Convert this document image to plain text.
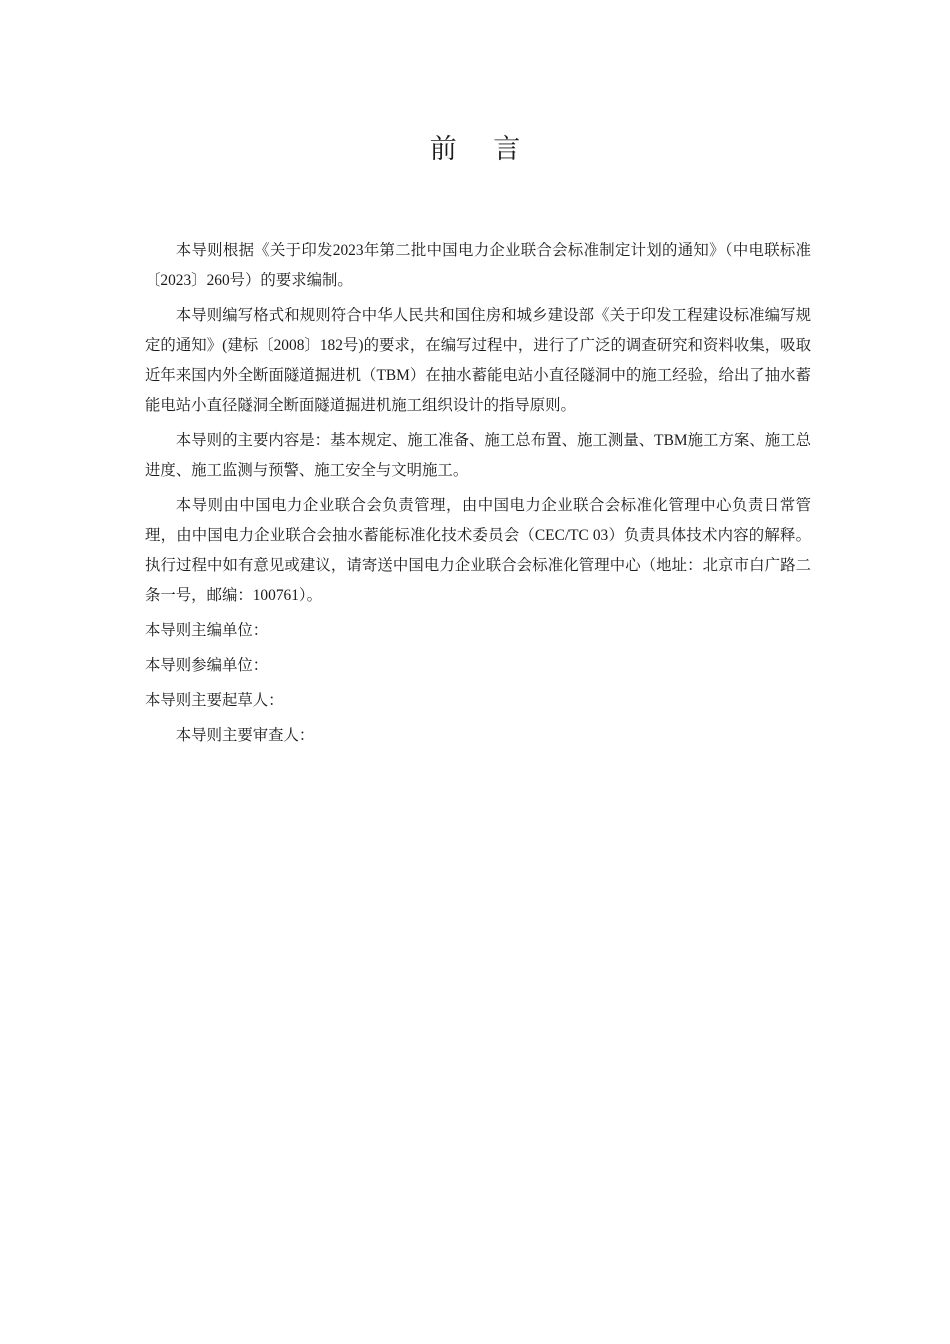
前 言

本导则根据《关于印发2023年第二批中国电力企业联合会标准制定计划的通知》（中电联标准〔2023〕260号）的要求编制。

本导则编写格式和规则符合中华人民共和国住房和城乡建设部《关于印发工程建设标准编写规定的通知》(建标〔2008〕182号)的要求，在编写过程中，进行了广泛的调查研究和资料收集，吸取近年来国内外全断面隧道掘进机（TBM）在抽水蓄能电站小直径隧洞中的施工经验，给出了抽水蓄能电站小直径隧洞全断面隧道掘进机施工组织设计的指导原则。

本导则的主要内容是：基本规定、施工准备、施工总布置、施工测量、TBM施工方案、施工总进度、施工监测与预警、施工安全与文明施工。

本导则由中国电力企业联合会负责管理，由中国电力企业联合会标准化管理中心负责日常管理，由中国电力企业联合会抽水蓄能标准化技术委员会（CEC/TC 03）负责具体技术内容的解释。执行过程中如有意见或建议，请寄送中国电力企业联合会标准化管理中心（地址：北京市白广路二条一号，邮编：100761）。

本导则主编单位：

本导则参编单位：

本导则主要起草人：

本导则主要审查人：
